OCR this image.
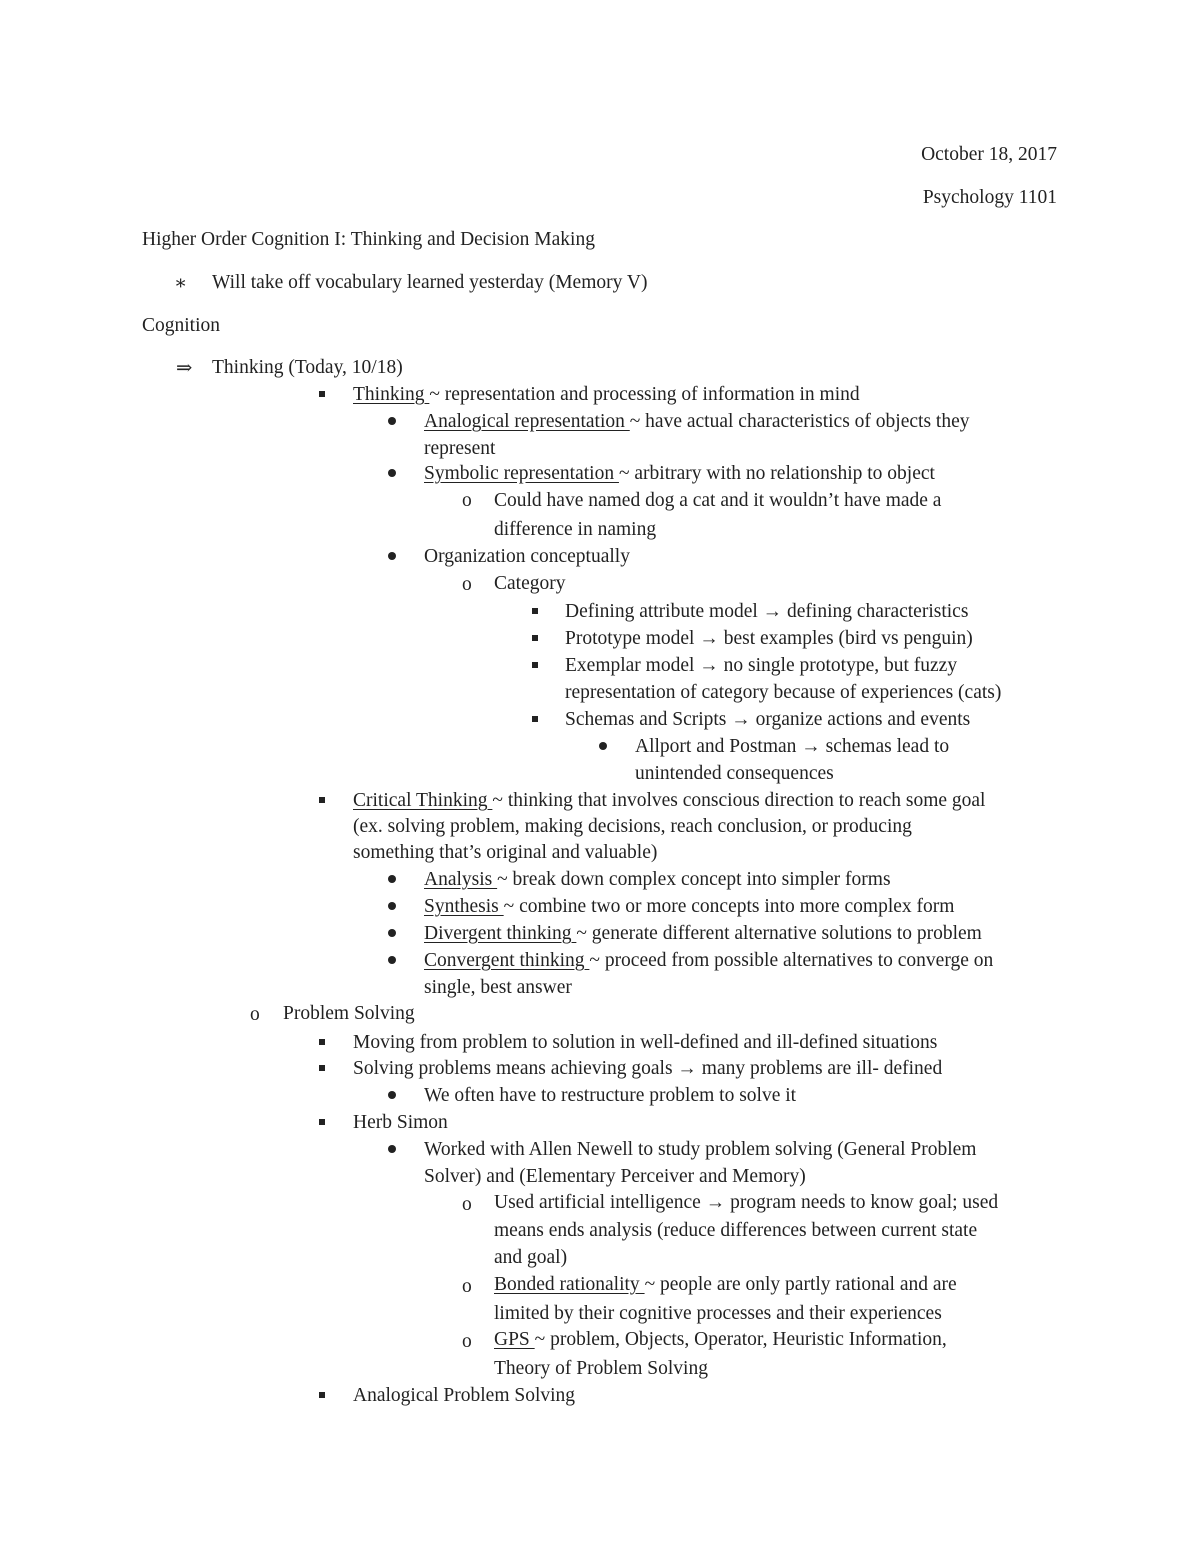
October 18, 2017
Psychology 1101
Higher Order Cognition I: Thinking and Decision Making
∗ Will take off vocabulary learned yesterday (Memory V)
Cognition
⇒ Thinking (Today, 10/18)
Thinking ~ representation and processing of information in mind
Analogical representation ~ have actual characteristics of objects they
represent
Symbolic representation ~ arbitrary with no relationship to object
o Could have named dog a cat and it wouldn’t have made a
difference in naming
Organization conceptually
o Category
Defining attribute model → defining characteristics
Prototype model → best examples (bird vs penguin)
Exemplar model → no single prototype, but fuzzy
representation of category because of experiences (cats)
Schemas and Scripts → organize actions and events
Allport and Postman → schemas lead to
unintended consequences
Critical Thinking ~ thinking that involves conscious direction to reach some goal
(ex. solving problem, making decisions, reach conclusion, or producing
something that’s original and valuable)
Analysis ~ break down complex concept into simpler forms
Synthesis ~ combine two or more concepts into more complex form
Divergent thinking ~ generate different alternative solutions to problem
Convergent thinking ~ proceed from possible alternatives to converge on
single, best answer
o Problem Solving
Moving from problem to solution in well-defined and ill-defined situations
Solving problems means achieving goals → many problems are ill- defined
We often have to restructure problem to solve it
Herb Simon
Worked with Allen Newell to study problem solving (General Problem
Solver) and (Elementary Perceiver and Memory)
o Used artificial intelligence → program needs to know goal; used
means ends analysis (reduce differences between current state
and goal)
o Bonded rationality ~ people are only partly rational and are
limited by their cognitive processes and their experiences
o GPS ~ problem, Objects, Operator, Heuristic Information,
Theory of Problem Solving
Analogical Problem Solving
